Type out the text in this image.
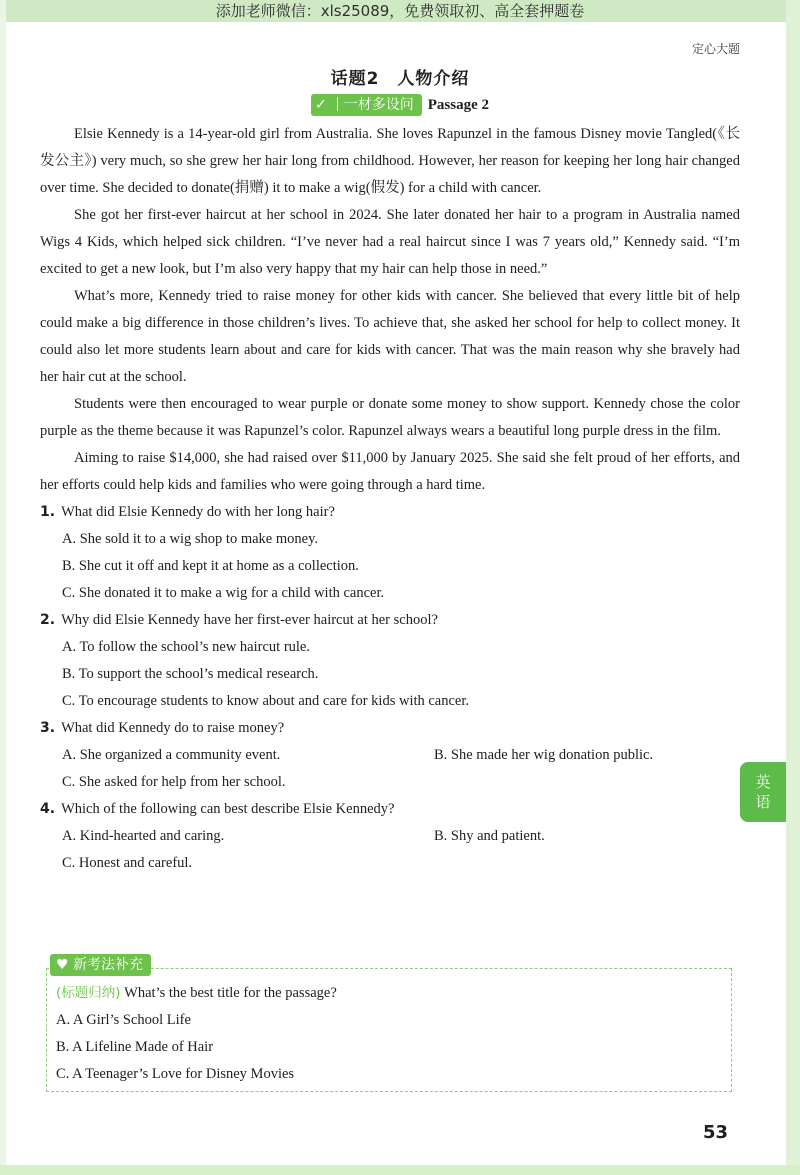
添加老师微信：xls25089，免费领取初、高全套押题卷
定心大题
话题2　人物介绍
✓ 一材多设问 Passage 2

Elsie Kennedy is a 14-year-old girl from Australia. She loves Rapunzel in the famous Disney movie Tangled(《长发公主》) very much, so she grew her hair long from childhood. However, her reason for keeping her long hair changed over time. She decided to donate(捐赠) it to make a wig(假发) for a child with cancer.

She got her first-ever haircut at her school in 2024. She later donated her hair to a program in Australia named Wigs 4 Kids, which helped sick children. “I’ve never had a real haircut since I was 7 years old,” Kennedy said. “I’m excited to get a new look, but I’m also very happy that my hair can help those in need.”

What’s more, Kennedy tried to raise money for other kids with cancer. She believed that every little bit of help could make a big difference in those children’s lives. To achieve that, she asked her school for help to collect money. It could also let more students learn about and care for kids with cancer. That was the main reason why she bravely had her hair cut at the school.

Students were then encouraged to wear purple or donate some money to show support. Kennedy chose the color purple as the theme because it was Rapunzel’s color. Rapunzel always wears a beautiful long purple dress in the film.

Aiming to raise $14,000, she had raised over $11,000 by January 2025. She said she felt proud of her efforts, and her efforts could help kids and families who were going through a hard time.

1. What did Elsie Kennedy do with her long hair?

A. She sold it to a wig shop to make money.

B. She cut it off and kept it at home as a collection.

C. She donated it to make a wig for a child with cancer.

2. Why did Elsie Kennedy have her first-ever haircut at her school?

A. To follow the school’s new haircut rule.

B. To support the school’s medical research.

C. To encourage students to know about and care for kids with cancer.

3. What did Kennedy do to raise money?

A. She organized a community event.	B. She made her wig donation public.

C. She asked for help from her school.

4. Which of the following can best describe Elsie Kennedy?

A. Kind-hearted and caring.	B. Shy and patient.

C. Honest and careful.

英
语
♥ 新考法补充

(标题归纳) What’s the best title for the passage?

A. A Girl’s School Life

B. A Lifeline Made of Hair

C. A Teenager’s Love for Disney Movies

53
